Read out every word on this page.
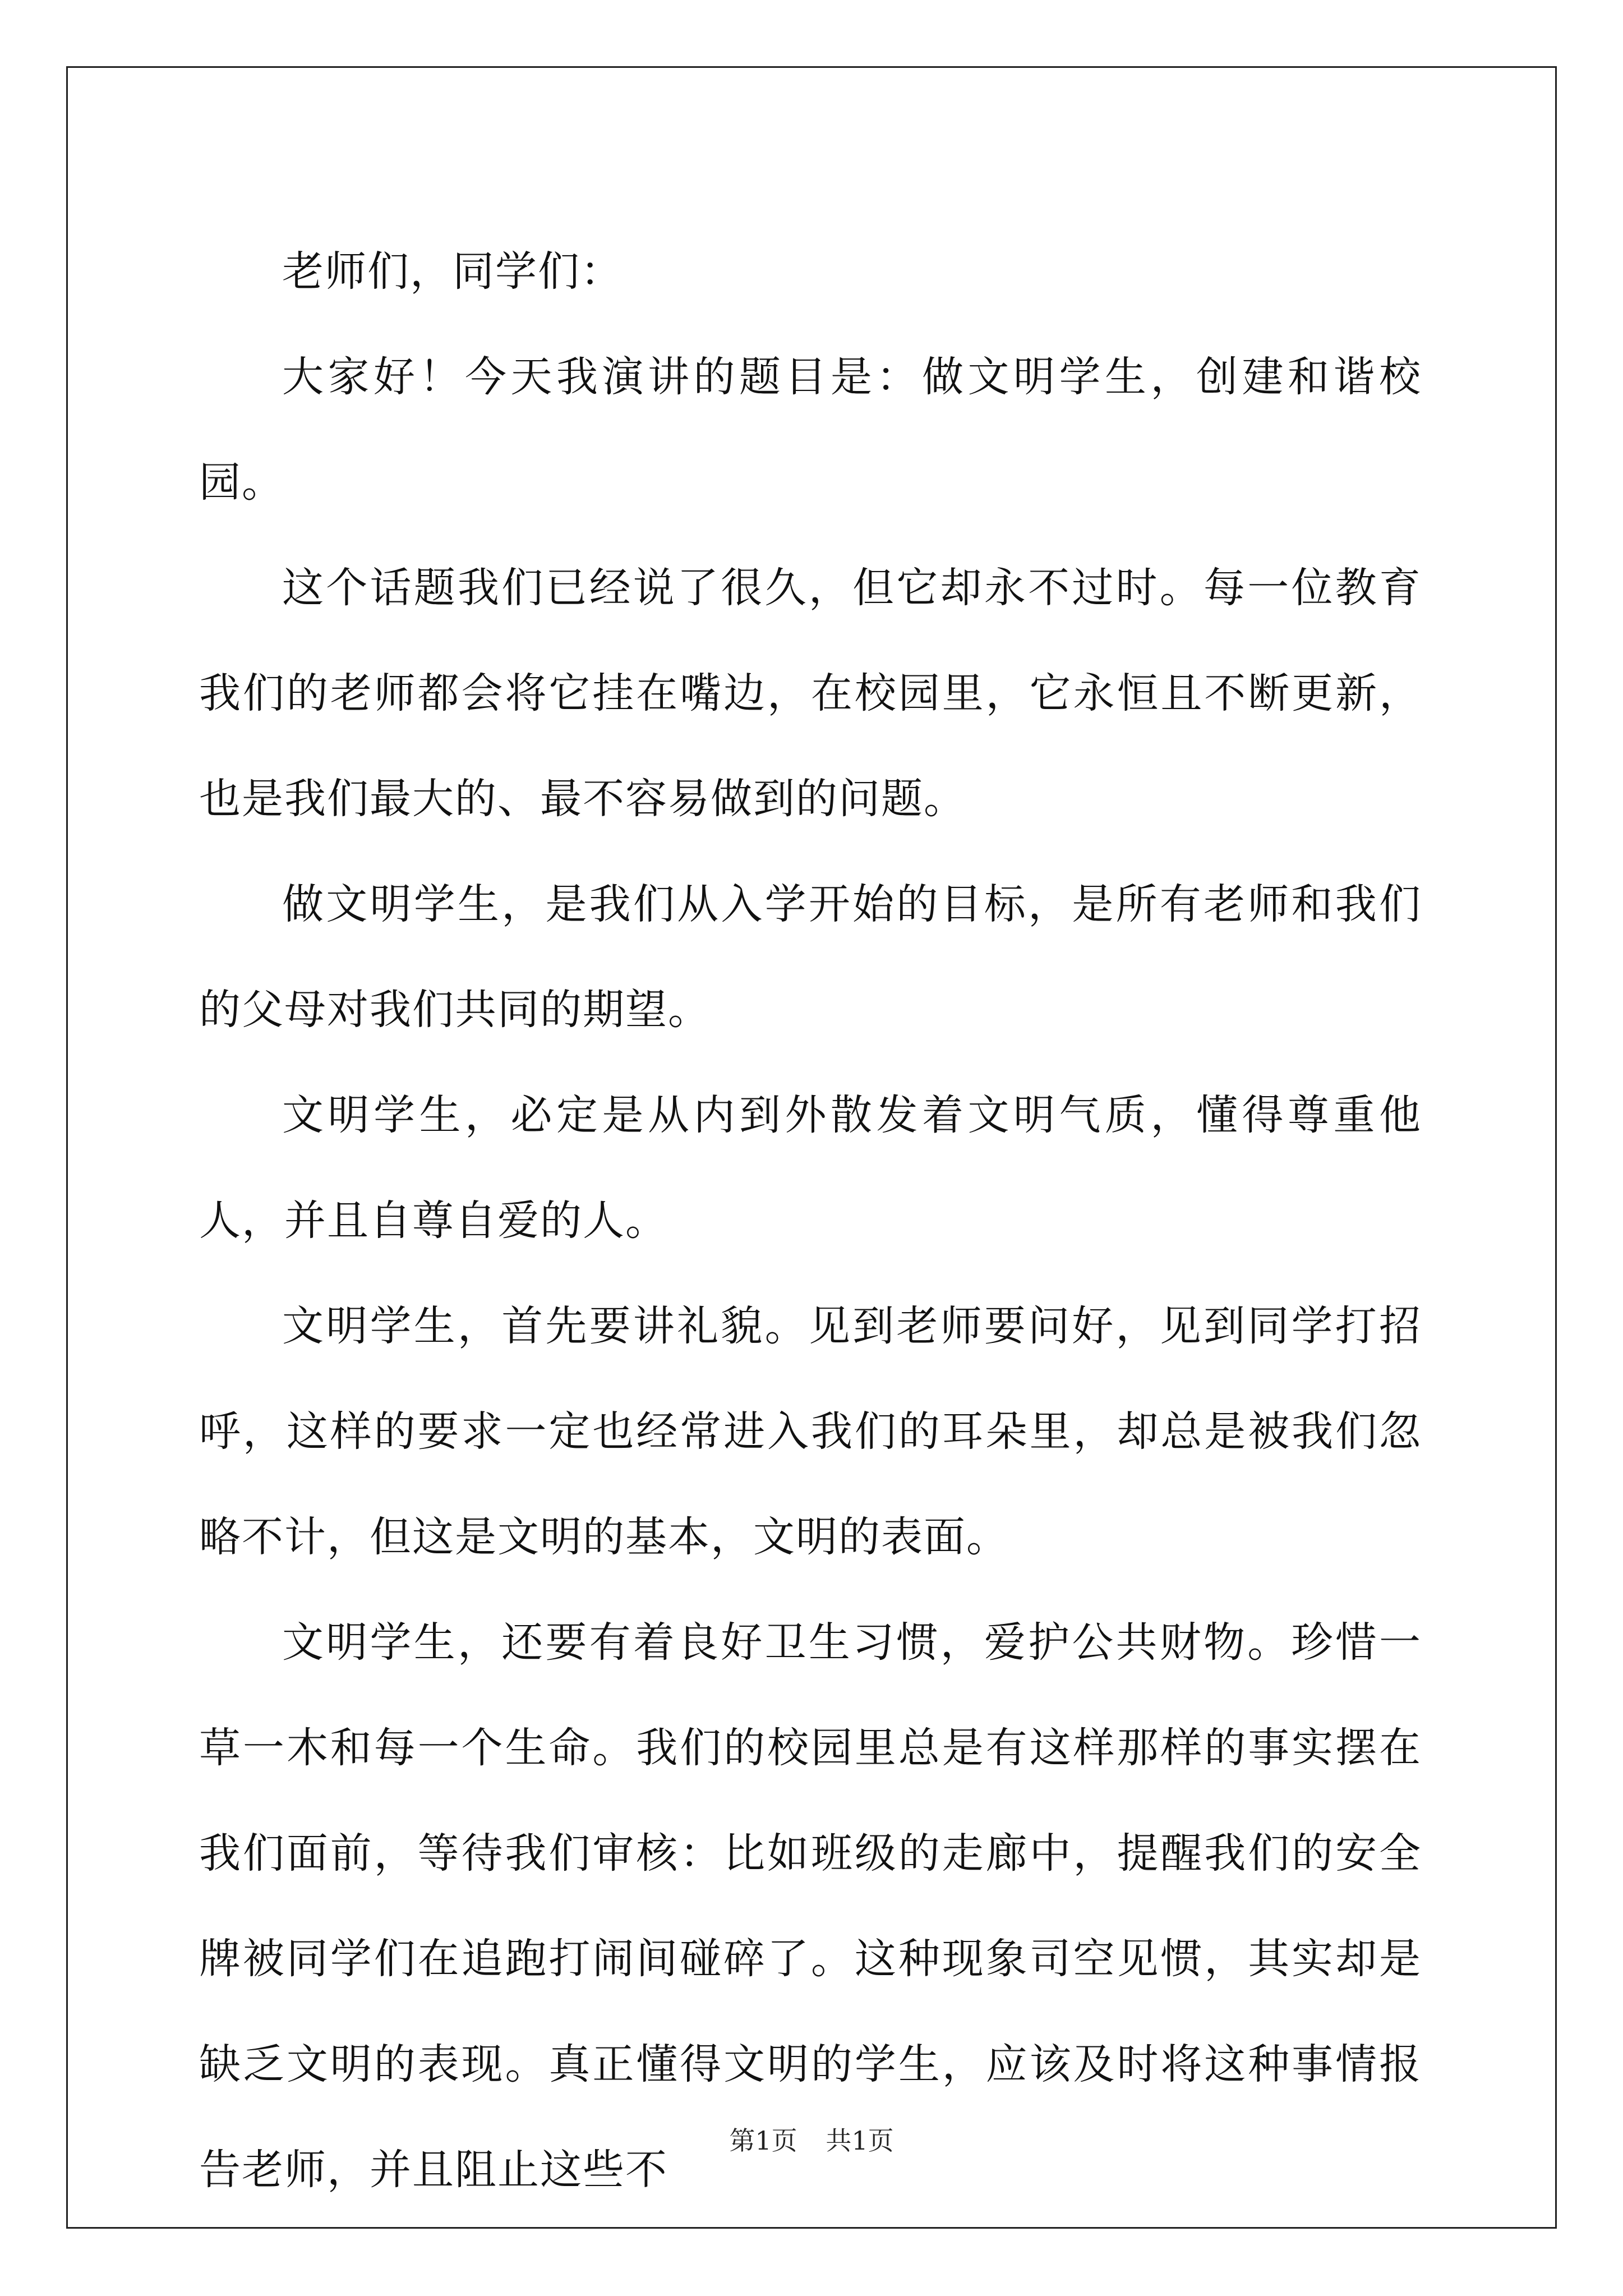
老师们，同学们：

大家好！今天我演讲的题目是：做文明学生，创建和谐校园。

这个话题我们已经说了很久，但它却永不过时。每一位教育我们的老师都会将它挂在嘴边，在校园里，它永恒且不断更新，也是我们最大的、最不容易做到的问题。

做文明学生，是我们从入学开始的目标，是所有老师和我们的父母对我们共同的期望。

文明学生，必定是从内到外散发着文明气质，懂得尊重他人，并且自尊自爱的人。

文明学生，首先要讲礼貌。见到老师要问好，见到同学打招呼，这样的要求一定也经常进入我们的耳朵里，却总是被我们忽略不计，但这是文明的基本，文明的表面。

文明学生，还要有着良好卫生习惯，爱护公共财物。珍惜一草一木和每一个生命。我们的校园里总是有这样那样的事实摆在我们面前，等待我们审核：比如班级的走廊中，提醒我们的安全牌被同学们在追跑打闹间碰碎了。这种现象司空见惯，其实却是缺乏文明的表现。真正懂得文明的学生，应该及时将这种事情报告老师，并且阻止这些不

第1页 共1页
